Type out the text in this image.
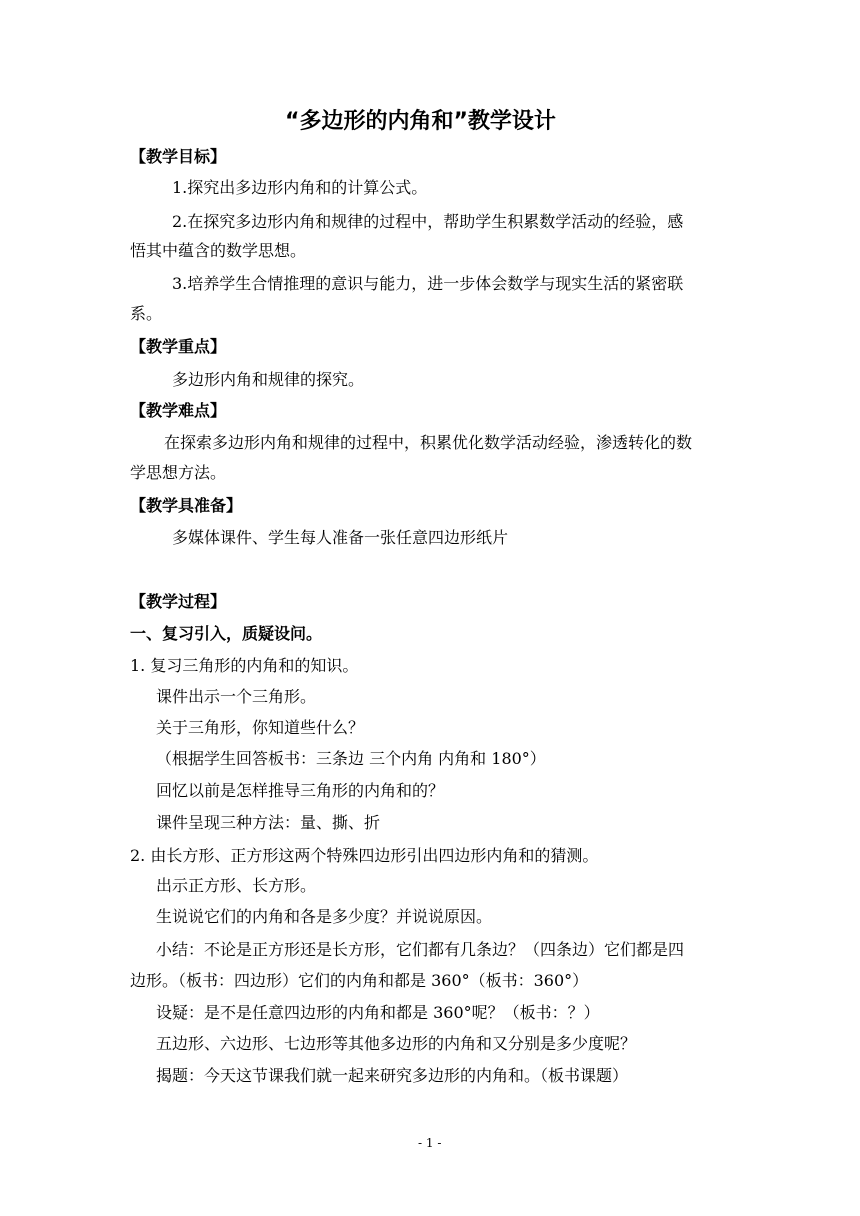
“多边形的内角和”教学设计
【教学目标】
1.探究出多边形内角和的计算公式。
2.在探究多边形内角和规律的过程中，帮助学生积累数学活动的经验，感
悟其中蕴含的数学思想。
3.培养学生合情推理的意识与能力，进一步体会数学与现实生活的紧密联
系。
【教学重点】
多边形内角和规律的探究。
【教学难点】
在探索多边形内角和规律的过程中，积累优化数学活动经验，渗透转化的数
学思想方法。
【教学具准备】
多媒体课件、学生每人准备一张任意四边形纸片
【教学过程】
一、复习引入，质疑设问。
1. 复习三角形的内角和的知识。
课件出示一个三角形。
关于三角形，你知道些什么？
（根据学生回答板书：三条边 三个内角 内角和 180°）
回忆以前是怎样推导三角形的内角和的？
课件呈现三种方法：量、撕、折
2. 由长方形、正方形这两个特殊四边形引出四边形内角和的猜测。
出示正方形、长方形。
生说说它们的内角和各是多少度？并说说原因。
小结：不论是正方形还是长方形，它们都有几条边？（四条边）它们都是四
边形。（板书：四边形）它们的内角和都是 360°（板书：360°）
设疑：是不是任意四边形的内角和都是 360°呢？（板书：？）
五边形、六边形、七边形等其他多边形的内角和又分别是多少度呢？
揭题：今天这节课我们就一起来研究多边形的内角和。（板书课题）
- 1 -
